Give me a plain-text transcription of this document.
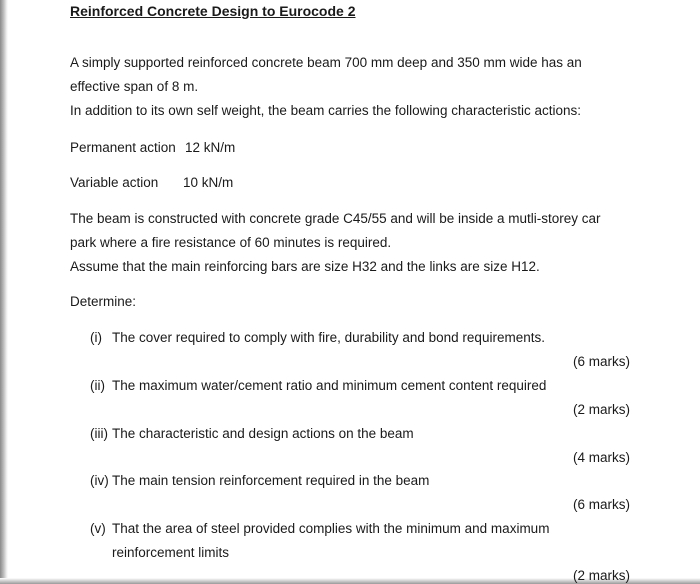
Reinforced Concrete Design to Eurocode 2
A simply supported reinforced concrete beam 700 mm deep and 350 mm wide has an
effective span of 8 m.
In addition to its own self weight, the beam carries the following characteristic actions:
Permanent action 12 kN/m
Variable action 10 kN/m
The beam is constructed with concrete grade C45/55 and will be inside a mutli-storey car
park where a fire resistance of 60 minutes is required.
Assume that the main reinforcing bars are size H32 and the links are size H12.
Determine:
(i) The cover required to comply with fire, durability and bond requirements.
(6 marks)
(ii) The maximum water/cement ratio and minimum cement content required
(2 marks)
(iii) The characteristic and design actions on the beam
(4 marks)
(iv) The main tension reinforcement required in the beam
(6 marks)
(v) That the area of steel provided complies with the minimum and maximum
reinforcement limits
(2 marks)
